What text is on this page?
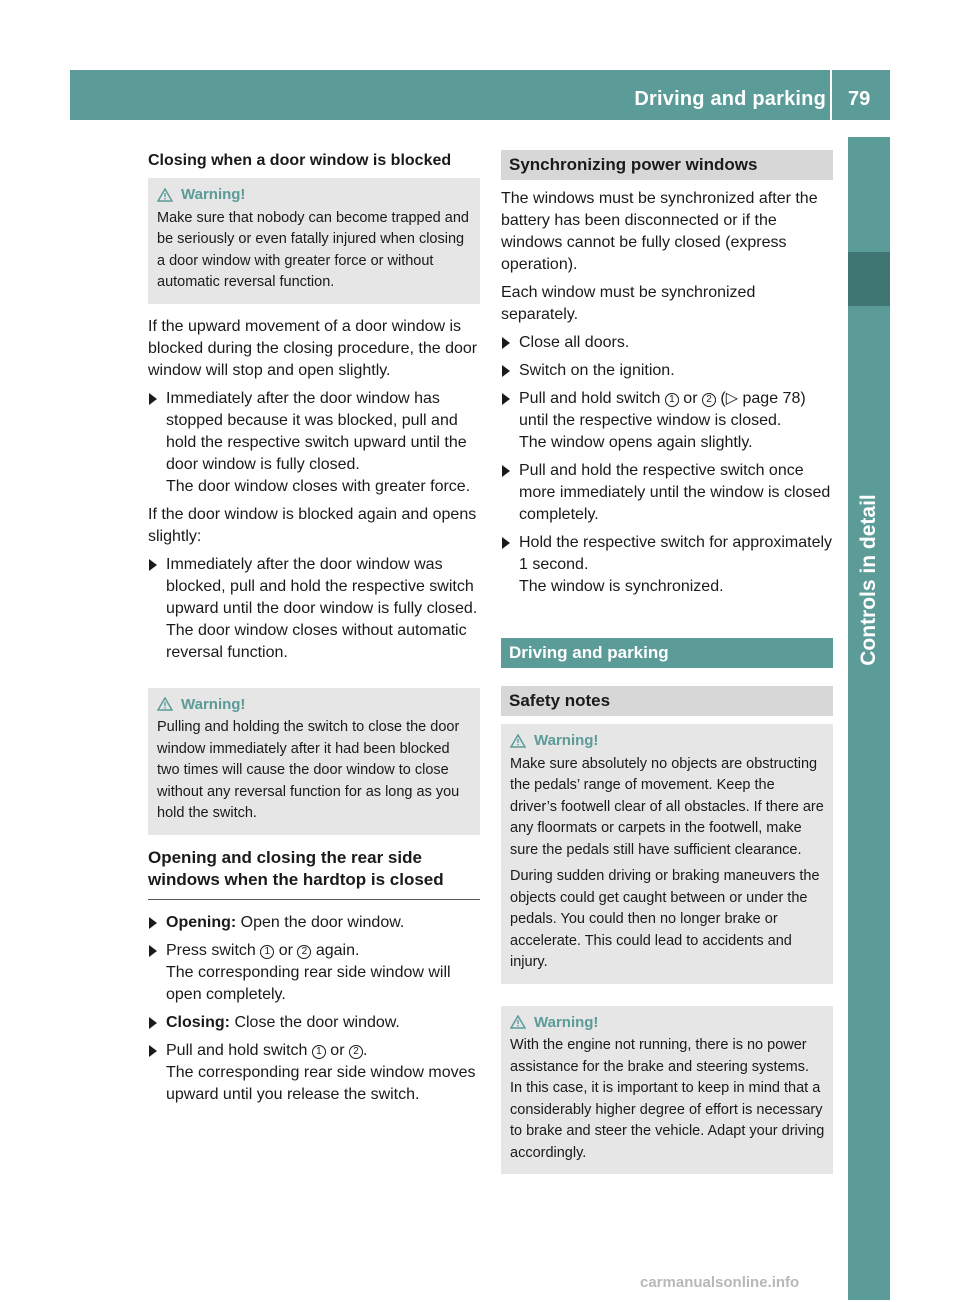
Driving and parking 79
Controls in detail
Closing when a door window is blocked
Warning!

Make sure that nobody can become trapped and be seriously or even fatally injured when closing a door window with greater force or without automatic reversal function.

If the upward movement of a door window is blocked during the closing procedure, the door window will stop and open slightly.

Immediately after the door window has stopped because it was blocked, pull and hold the respective switch upward until the door window is fully closed.
The door window closes with greater force.

If the door window is blocked again and opens slightly:

Immediately after the door window was blocked, pull and hold the respective switch upward until the door window is fully closed.
The door window closes without automatic reversal function.
Warning!

Pulling and holding the switch to close the door window immediately after it had been blocked two times will cause the door window to close without any reversal function for as long as you hold the switch.

Opening and closing the rear side windows when the hardtop is closed
Opening: Open the door window.
Press switch 1 or 2 again.
The corresponding rear side window will open completely.
Closing: Close the door window.
Pull and hold switch 1 or 2 .
The corresponding rear side window moves upward until you release the switch.
Synchronizing power windows

The windows must be synchronized after the battery has been disconnected or if the windows cannot be fully closed (express operation).

Each window must be synchronized separately.

Close all doors.
Switch on the ignition.
Pull and hold switch 1 or 2 (▷ page 78) until the respective window is closed.
The window opens again slightly.
Pull and hold the respective switch once more immediately until the window is closed completely.
Hold the respective switch for approximately 1 second.
The window is synchronized.
Driving and parking
Safety notes
Warning!

Make sure absolutely no objects are obstructing the pedals’ range of movement. Keep the driver’s footwell clear of all obstacles. If there are any floormats or carpets in the footwell, make sure the pedals still have sufficient clearance.

During sudden driving or braking maneuvers the objects could get caught between or under the pedals. You could then no longer brake or accelerate. This could lead to accidents and injury.

Warning!

With the engine not running, there is no power assistance for the brake and steering systems. In this case, it is important to keep in mind that a considerably higher degree of effort is necessary to brake and steer the vehicle. Adapt your driving accordingly.

carmanualsonline.info
